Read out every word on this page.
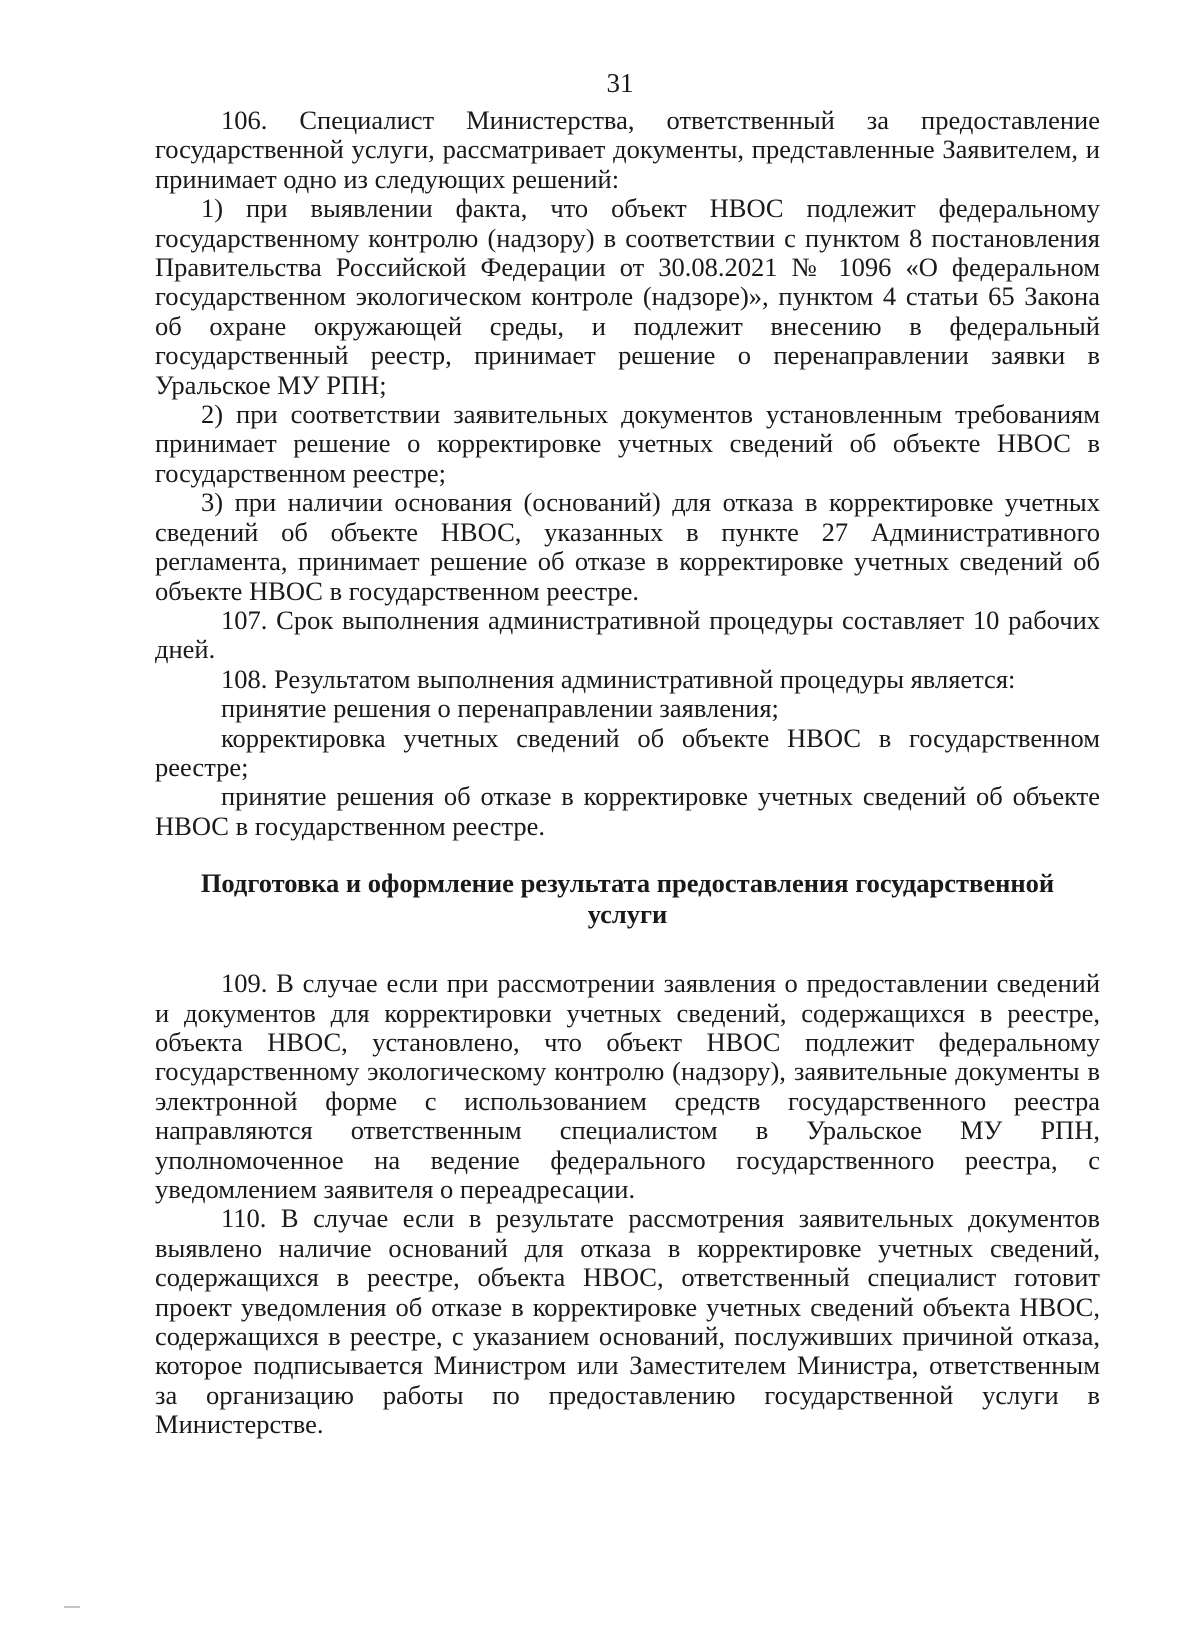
31

106. Специалист Министерства, ответственный за предоставление государственной услуги, рассматривает документы, представленные Заявителем, и принимает одно из следующих решений:

1) при выявлении факта, что объект НВОС подлежит федеральному государственному контролю (надзору) в соответствии с пунктом 8 постановления Правительства Российской Федерации от 30.08.2021 № 1096 «О федеральном государственном экологическом контроле (надзоре)», пунктом 4 статьи 65 Закона об охране окружающей среды, и подлежит внесению в федеральный государственный реестр, принимает решение о перенаправлении заявки в Уральское МУ РПН;

2) при соответствии заявительных документов установленным требованиям принимает решение о корректировке учетных сведений об объекте НВОС в государственном реестре;

3) при наличии основания (оснований) для отказа в корректировке учетных сведений об объекте НВОС, указанных в пункте 27 Административного регламента, принимает решение об отказе в корректировке учетных сведений об объекте НВОС в государственном реестре.

107. Срок выполнения административной процедуры составляет 10 рабочих дней.

108. Результатом выполнения административной процедуры является:

принятие решения о перенаправлении заявления;

корректировка учетных сведений об объекте НВОС в государственном реестре;

принятие решения об отказе в корректировке учетных сведений об объекте НВОС в государственном реестре.

Подготовка и оформление результата предоставления государственной услуги

109. В случае если при рассмотрении заявления о предоставлении сведений и документов для корректировки учетных сведений, содержащихся в реестре, объекта НВОС, установлено, что объект НВОС подлежит федеральному государственному экологическому контролю (надзору), заявительные документы в электронной форме с использованием средств государственного реестра направляются ответственным специалистом в Уральское МУ РПН, уполномоченное на ведение федерального государственного реестра, с уведомлением заявителя о переадресации.

110. В случае если в результате рассмотрения заявительных документов выявлено наличие оснований для отказа в корректировке учетных сведений, содержащихся в реестре, объекта НВОС, ответственный специалист готовит проект уведомления об отказе в корректировке учетных сведений объекта НВОС, содержащихся в реестре, с указанием оснований, послуживших причиной отказа, которое подписывается Министром или Заместителем Министра, ответственным за организацию работы по предоставлению государственной услуги в Министерстве.
